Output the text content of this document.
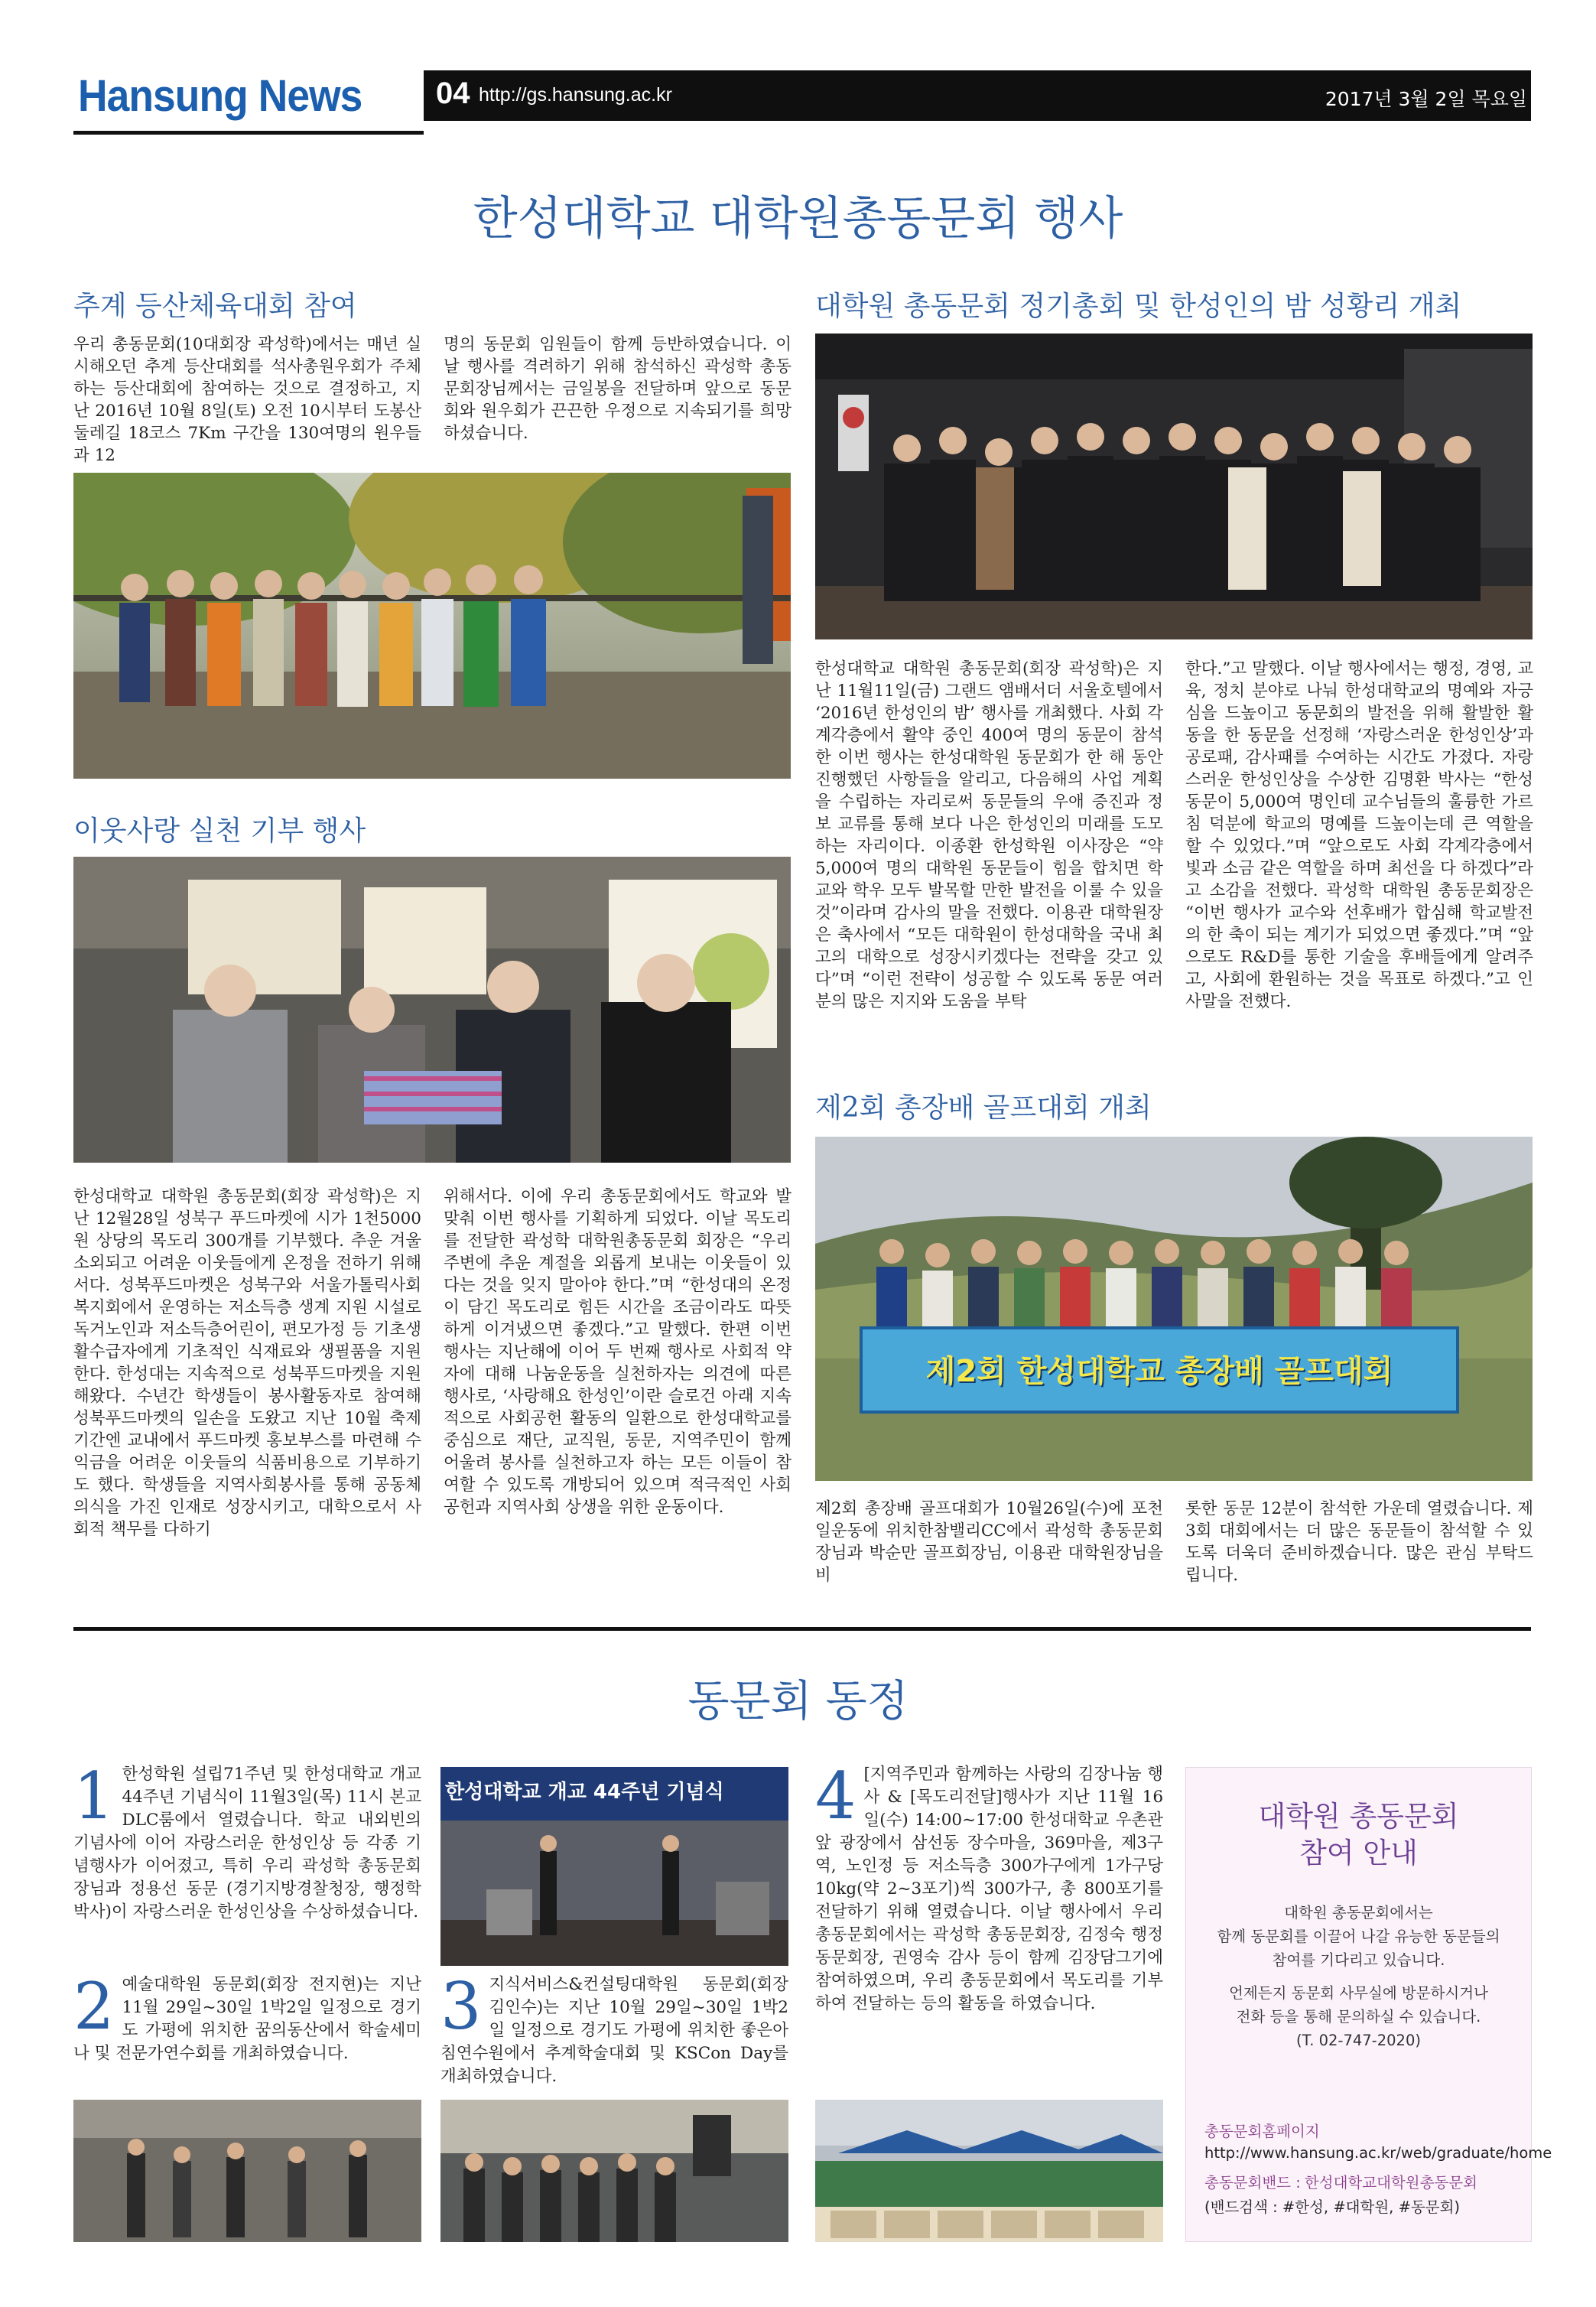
Hansung News 04 http://gs.hansung.ac.kr	2017년 3월 2일 목요일
한성대학교 대학원총동문회 행사
추계 등산체육대회 참여
우리 총동문회(10대회장 곽성학)에서는 매년 실시해오던 추계 등산대회를 석사총원우회가 주체하는 등산대회에 참여하는 것으로 결정하고, 지난 2016년 10월 8일(토) 오전 10시부터 도봉산 둘레길 18코스 7Km 구간을 130여명의 원우들과 12
명의 동문회 임원들이 함께 등반하였습니다. 이날 행사를 격려하기 위해 참석하신 곽성학 총동문회장님께서는 금일봉을 전달하며 앞으로 동문회와 원우회가 끈끈한 우정으로 지속되기를 희망하셨습니다.
이웃사랑 실천 기부 행사
한성대학교 대학원 총동문회(회장 곽성학)은 지난 12월28일 성북구 푸드마켓에 시가 1천5000원 상당의 목도리 300개를 기부했다. 추운 겨울 소외되고 어려운 이웃들에게 온정을 전하기 위해서다. 성북푸드마켓은 성북구와 서울가톨릭사회복지회에서 운영하는 저소득층 생계 지원 시설로 독거노인과 저소득층어린이, 편모가정 등 기초생활수급자에게 기초적인 식재료와 생필품을 지원한다. 한성대는 지속적으로 성북푸드마켓을 지원해왔다. 수년간 학생들이 봉사활동자로 참여해 성북푸드마켓의 일손을 도왔고 지난 10월 축제기간엔 교내에서 푸드마켓 홍보부스를 마련해 수익금을 어려운 이웃들의 식품비용으로 기부하기도 했다. 학생들을 지역사회봉사를 통해 공동체 의식을 가진 인재로 성장시키고, 대학으로서 사회적 책무를 다하기
위해서다. 이에 우리 총동문회에서도 학교와 발맞춰 이번 행사를 기획하게 되었다. 이날 목도리를 전달한 곽성학 대학원총동문회 회장은 “우리 주변에 추운 계절을 외롭게 보내는 이웃들이 있다는 것을 잊지 말아야 한다.”며 “한성대의 온정이 담긴 목도리로 힘든 시간을 조금이라도 따뜻하게 이겨냈으면 좋겠다.”고 말했다. 한편 이번 행사는 지난해에 이어 두 번째 행사로 사회적 약자에 대해 나눔운동을 실천하자는 의견에 따른 행사로, ‘사랑해요 한성인’이란 슬로건 아래 지속적으로 사회공헌 활동의 일환으로 한성대학교를 중심으로 재단, 교직원, 동문, 지역주민이 함께 어울려 봉사를 실천하고자 하는 모든 이들이 참여할 수 있도록 개방되어 있으며 적극적인 사회공헌과 지역사회 상생을 위한 운동이다.
대학원 총동문회 정기총회 및 한성인의 밤 성황리 개최
한성대학교 대학원 총동문회(회장 곽성학)은 지난 11월11일(금) 그랜드 앰배서더 서울호텔에서 ‘2016년 한성인의 밤’ 행사를 개최했다. 사회 각계각층에서 활약 중인 400여 명의 동문이 참석한 이번 행사는 한성대학원 동문회가 한 해 동안 진행했던 사항들을 알리고, 다음해의 사업 계획을 수립하는 자리로써 동문들의 우애 증진과 정보 교류를 통해 보다 나은 한성인의 미래를 도모하는 자리이다. 이종환 한성학원 이사장은 “약 5,000여 명의 대학원 동문들이 힘을 합치면 학교와 학우 모두 발목할 만한 발전을 이룰 수 있을 것”이라며 감사의 말을 전했다. 이용관 대학원장은 축사에서 “모든 대학원이 한성대학을 국내 최고의 대학으로 성장시키겠다는 전략을 갖고 있다”며 “이런 전략이 성공할 수 있도록 동문 여러분의 많은 지지와 도움을 부탁
한다.”고 말했다. 이날 행사에서는 행정, 경영, 교육, 정치 분야로 나눠 한성대학교의 명예와 자긍심을 드높이고 동문회의 발전을 위해 활발한 활동을 한 동문을 선정해 ‘자랑스러운 한성인상’과 공로패, 감사패를 수여하는 시간도 가졌다. 자랑스러운 한성인상을 수상한 김명환 박사는 “한성 동문이 5,000여 명인데 교수님들의 훌륭한 가르침 덕분에 학교의 명예를 드높이는데 큰 역할을 할 수 있었다.”며 “앞으로도 사회 각계각층에서 빛과 소금 같은 역할을 하며 최선을 다 하겠다”라고 소감을 전했다. 곽성학 대학원 총동문회장은 “이번 행사가 교수와 선후배가 합심해 학교발전의 한 축이 되는 계기가 되었으면 좋겠다.”며 “앞으로도 R&D를 통한 기술을 후배들에게 알려주고, 사회에 환원하는 것을 목표로 하겠다.”고 인사말을 전했다.
제2회 총장배 골프대회 개최
제2회 한성대학교 총장배 골프대회
제2회 총장배 골프대회가 10월26일(수)에 포천 일운동에 위치한참밸리CC에서 곽성학 총동문회장님과 박순만 골프회장님, 이용관 대학원장님을 비
롯한 동문 12분이 참석한 가운데 열렸습니다. 제3회 대회에서는 더 많은 동문들이 참석할 수 있도록 더욱더 준비하겠습니다. 많은 관심 부탁드립니다.
동문회 동정
1 한성학원 설립71주년 및 한성대학교 개교 44주년 기념식이 11월3일(목) 11시 본교 DLC룸에서 열렸습니다. 학교 내외빈의 기념사에 이어 자랑스러운 한성인상 등 각종 기념행사가 이어졌고, 특히 우리 곽성학 총동문회장님과 정용선 동문 (경기지방경찰청장, 행정학박사)이 자랑스러운 한성인상을 수상하셨습니다.
한성대학교 개교 44주년 기념식
2 예술대학원 동문회(회장 전지현)는 지난 11월 29일~30일 1박2일 일정으로 경기도 가평에 위치한 꿈의동산에서 학술세미나 및 전문가연수회를 개최하였습니다.
3 지식서비스&컨설팅대학원 동문회(회장 김인수)는 지난 10월 29일~30일 1박2일 일정으로 경기도 가평에 위치한 좋은아침연수원에서 추계학술대회 및 KSCon Day를 개최하였습니다.
4 [지역주민과 함께하는 사랑의 김장나눔 행사 & [목도리전달]행사가 지난 11월 16일(수) 14:00~17:00 한성대학교 우촌관 앞 광장에서 삼선동 장수마을, 369마을, 제3구역, 노인정 등 저소득층 300가구에게 1가구당 10kg(약 2~3포기)씩 300가구, 총 800포기를 전달하기 위해 열렸습니다. 이날 행사에서 우리 총동문회에서는 곽성학 총동문회장, 김정숙 행정 동문회장, 권영숙 감사 등이 함께 김장담그기에 참여하였으며, 우리 총동문회에서 목도리를 기부하여 전달하는 등의 활동을 하였습니다.
대학원 총동문회
참여 안내
대학원 총동문회에서는
함께 동문회를 이끌어 나갈 유능한 동문들의
참여를 기다리고 있습니다.
언제든지 동문회 사무실에 방문하시거나
전화 등을 통해 문의하실 수 있습니다.
(T. 02-747-2020)
총동문회홈페이지
http://www.hansung.ac.kr/web/graduate/home
총동문회밴드 : 한성대학교대학원총동문회
(밴드검색 : #한성, #대학원, #동문회)
